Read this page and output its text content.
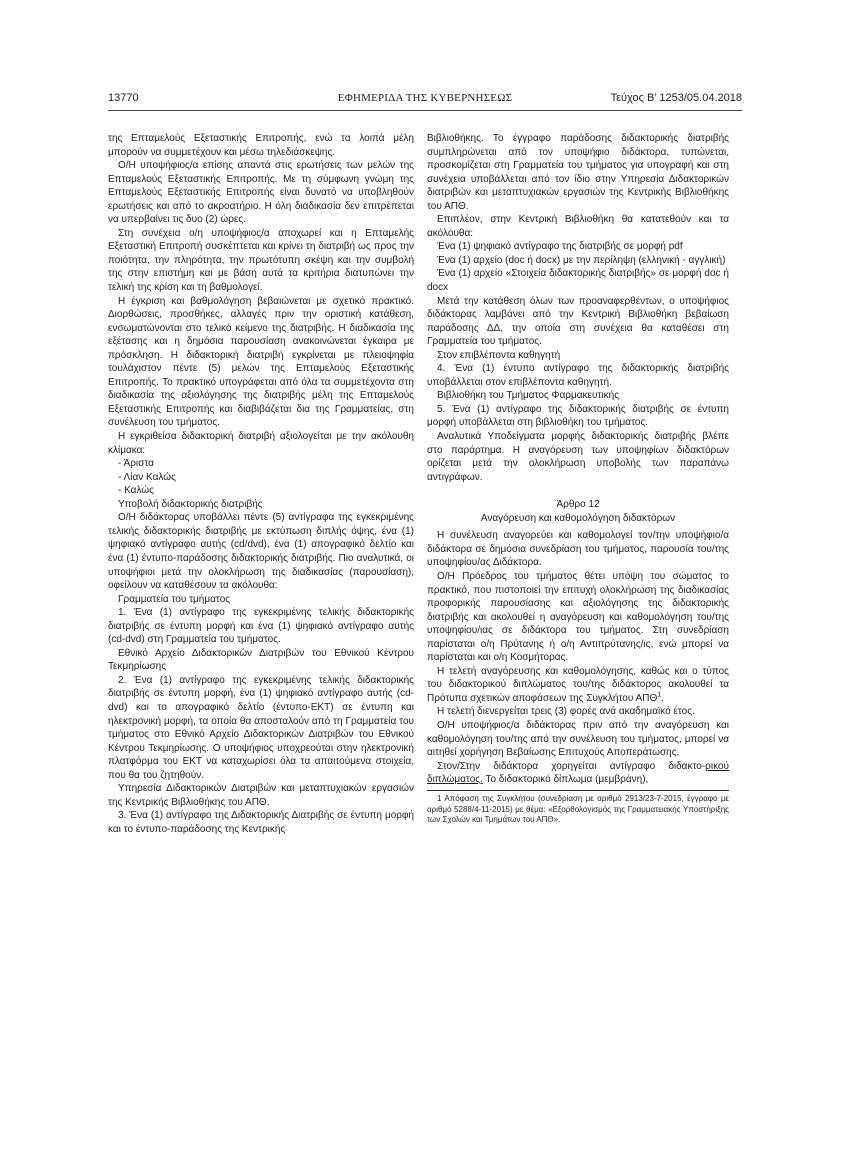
13770	ΕΦΗΜΕΡΙΔΑ ΤΗΣ ΚΥΒΕΡΝΗΣΕΩΣ	Τεύχος Β’ 1253/05.04.2018

της Επταμελούς Εξεταστικής Επιτροπής, ενώ τα λοιπά μέλη μπορούν να συμμετέχουν και μέσω τηλεδιάσκεψης.

Ο/Η υποψήφιος/α επίσης απαντά στις ερωτήσεις των μελών της Επταμελούς Εξεταστικής Επιτροπής. Με τη σύμφωνη γνώμη της Επταμελούς Εξεταστικής Επιτροπής είναι δυνατό να υποβληθούν ερωτήσεις και από το ακροατήριο. Η όλη διαδικασία δεν επιτρέπεται να υπερβαίνει τις δυο (2) ώρες.

Στη συνέχεια ο/η υποψήφιος/α αποχωρεί και η Επταμελής Εξεταστική Επιτροπή συσκέπτεται και κρίνει τη διατριβή ως προς την ποιότητα, την πληρότητα, την πρωτότυπη σκέψη και την συμβολή της στην επιστήμη και με βάση αυτά τα κριτήρια διατυπώνει την τελική της κρίση και τη βαθμολογεί.

Η έγκριση και βαθμολόγηση βεβαιώνεται με σχετικό πρακτικό. Διορθώσεις, προσθήκες, αλλαγές πριν την οριστική κατάθεση, ενσωματώνονται στο τελικό κείμενο της διατριβής. Η διαδικασία της εξέτασης και η δημόσια παρουσίαση ανακοινώνεται έγκαιρα με πρόσκληση. Η διδακτορική διατριβή εγκρίνεται με πλειοψηφία τουλάχιστον πέντε (5) μελών της Επταμελούς Εξεταστικής Επιτροπής. Το πρακτικό υπογράφεται από όλα τα συμμετέχοντα στη διαδικασία της αξιολόγησης της διατριβής μέλη της Επταμελούς Εξεταστικής Επιτροπής και διαβιβάζεται δια της Γραμματείας, στη συνέλευση του τμήματος.

Η εγκριθείσα διδακτορική διατριβή αξιολογείται με την ακόλουθη κλίμακα:

- Άριστα

- Λίαν Καλώς

- Καλώς

Υποβολή διδακτορικής διατριβής

Ο/Η διδάκτορας υποβάλλει πέντε (5) αντίγραφα της εγκεκριμένης τελικής διδακτορικής διατριβής με εκτύπωση διπλής όψης, ένα (1) ψηφιακό αντίγραφο αυτής (cd/dvd), ένα (1) απογραφικό δελτίο και ένα (1) έντυπο-παράδοσης διδακτορικής διατριβής. Πιο αναλυτικά, οι υποψήφιοι μετά την ολοκλήρωση της διαδικασίας (παρουσίαση), οφείλουν να καταθέσουν τα ακόλουθα:

Γραμματεία του τμήματος

1. Ένα (1) αντίγραφο της εγκεκριμένης τελικής διδακτορικής διατριβής σε έντυπη μορφή και ένα (1) ψηφιακό αντίγραφο αυτής (cd-dvd) στη Γραμματεία του τμήματος.

Εθνικό Αρχείο Διδακτορικών Διατριβών του Εθνικού Κέντρου Τεκμηρίωσης

2. Ένα (1) αντίγραφο της εγκεκριμένης τελικής διδακτορικής διατριβής σε έντυπη μορφή, ένα (1) ψηφιακό αντίγραφο αυτής (cd-dvd) και το απογραφικό δελτίο (έντυπο-ΕΚΤ) σε έντυπη και ηλεκτρονική μορφή, τα οποία θα αποσταλούν από τη Γραμματεία του τμήματος στο Εθνικό Αρχείο Διδακτορικών Διατριβών του Εθνικού Κέντρου Τεκμηρίωσης. Ο υποψήφιος υποχρεούται στην ηλεκτρονική πλατφόρμα του ΕΚΤ να καταχωρίσει όλα τα απαιτούμενα στοιχεία, που θα του ζητηθούν.

Υπηρεσία Διδακτορικών Διατριβών και μεταπτυχιακών εργασιών της Κεντρικής Βιβλιοθήκης του ΑΠΘ.

3. Ένα (1) αντίγραφο της Διδακτορικής Διατριβής σε έντυπη μορφή και το έντυπο-παράδοσης της Κεντρικής

Βιβλιοθήκης. Το έγγραφο παράδοσης διδακτορικής διατριβής συμπληρώνεται από τον υποψήφιο διδάκτορα, τυπώνεται, προσκομίζεται στη Γραμματεία του τμήματος για υπογραφή και στη συνέχεια υποβάλλεται από τον ίδιο στην Υπηρεσία Διδακτορικών διατριβών και μεταπτυχιακών εργασιών της Κεντρικής Βιβλιοθήκης του ΑΠΘ.

Επιπλέον, στην Κεντρική Βιβλιοθήκη θα κατατεθούν και τα ακόλουθα:

Ένα (1) ψηφιακό αντίγραφο της διατριβής σε μορφή pdf

Ένα (1) αρχείο (doc ή docx) με την περίληψη (ελληνική - αγγλική)

Ένα (1) αρχείο «Στοιχεία διδακτορικής διατριβής» σε μορφή doc ή docx

Μετά την κατάθεση όλων των προαναφερθέντων, ο υποψήφιος διδάκτορας λαμβάνει από την Κεντρική Βιβλιοθήκη βεβαίωση παράδοσης ΔΔ, την οποία στη συνέχεια θα καταθέσει στη Γραμματεία του τμήματος.

Στον επιβλέποντα καθηγητή

4. Ένα (1) έντυπο αντίγραφο της διδακτορικής διατριβής υποβάλλεται στον επιβλέποντα καθηγητή.

Βιβλιοθήκη του Τμήματος Φαρμακευτικής

5. Ένα (1) αντίγραφο της διδακτορικής διατριβής σε έντυπη μορφή υποβάλλεται στη βιβλιοθήκη του τμήματος.

Αναλυτικά Υποδείγματα μορφής διδακτορικής διατριβής βλέπε στο παράρτημα. Η αναγόρευση των υποψηφίων διδακτόρων ορίζεται μετά την ολοκλήρωση υποβολής των παραπάνω αντιγράφων.

Άρθρο 12

Αναγόρευση και καθομολόγηση διδακτόρων

Η συνέλευση αναγορεύει και καθομολογεί τον/την υποψήφιο/α διδάκτορα σε δημόσια συνεδρίαση του τμήματος, παρουσία του/της υποψηφίου/ας Διδάκτορα.

Ο/Η Πρόεδρος του τμήματος θέτει υπόψη του σώματος το πρακτικό, που πιστοποιεί την επιτυχή ολοκλήρωση της διαδικασίας προφορικής παρουσίασης και αξιολόγησης της διδακτορικής διατριβής και ακολουθεί η αναγόρευση και καθομολόγηση του/της υποψηφίου/ιας σε διδάκτορα του τμήματος. Στη συνεδρίαση παρίσταται ο/η Πρύτανης ή ο/η Αντιπρύτανης/ις, ενώ μπορεί να παρίσταται και ο/η Κοσμήτορας.

Η τελετή αναγόρευσης και καθομολόγησης, καθώς και ο τύπος του διδακτορικού διπλώματος του/της διδάκτορος ακολουθεί τα Πρότυπα σχετικών αποφάσεων της Συγκλήτου ΑΠΘ$^1$.

Η τελετή διενεργείται τρεις (3) φορές ανά ακαδημαϊκό έτος.

Ο/Η υποψήφιος/α διδάκτορας πριν από την αναγόρευση και καθομολόγηση του/της από την συνέλευση του τμήματος, μπορεί να αιτηθεί χορήγηση Βεβαίωσης Επιτυχούς Αποπεράτωσης.

Στον/Στην διδάκτορα χορηγείται αντίγραφο διδακτο-ρικού διπλώματος. Το διδακτορικό δίπλωμα (μεμβράνη),

1 Απόφαση της Συγκλήτου (συνεδρίαση με αριθμό 2913/23-7-2015, έγγραφο με αριθμό 5288/4-11-2015) με θέμα: «Εξορθολογισμός της Γραμματειακής Υποστήριξης των Σχολών και Τμημάτων του ΑΠΘ».
